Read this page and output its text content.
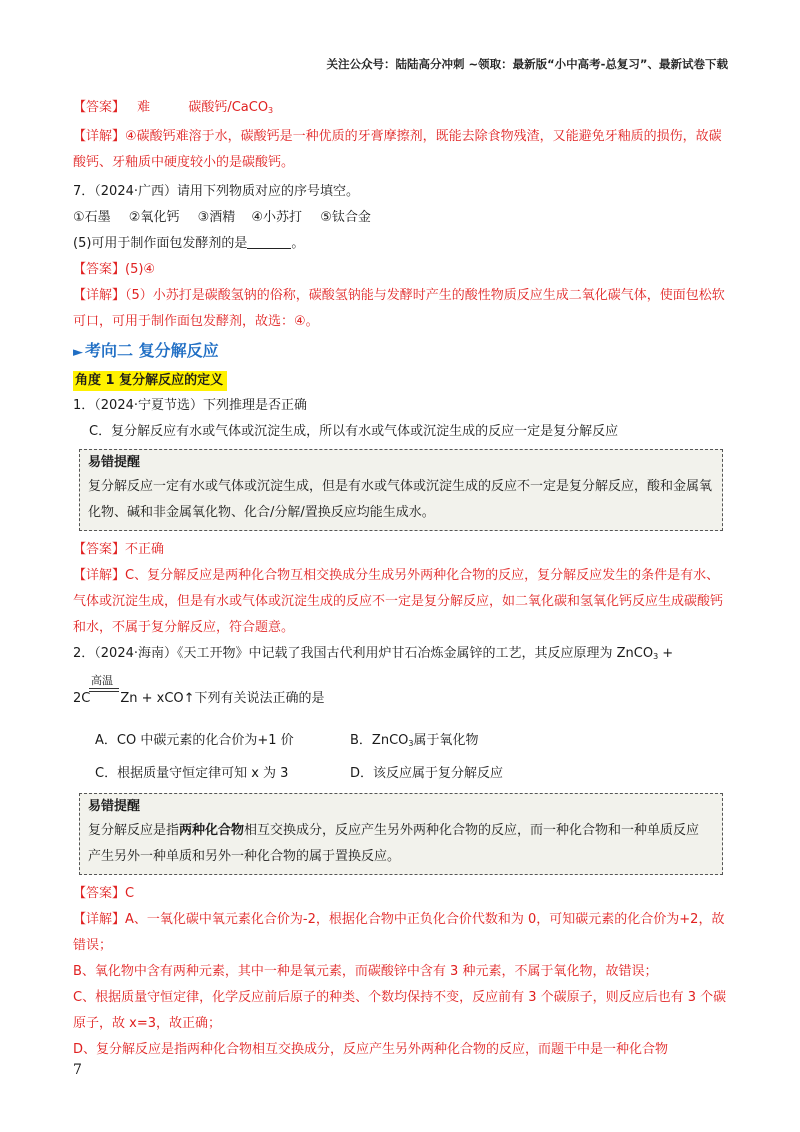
关注公众号：陆陆高分冲刺 ~领取：最新版“小中高考-总复习”、最新试卷下载
【答案】 难	碳酸钙/CaCO$_3$
【详解】④碳酸钙难溶于水，碳酸钙是一种优质的牙膏摩擦剂，既能去除食物残渣，又能避免牙釉质的损伤，故碳酸钙、牙釉质中硬度较小的是碳酸钙。
7．（2024·广西）请用下列物质对应的序号填空。
①石墨 ②氧化钙 ③酒精 ④小苏打 ⑤钛合金
(5)可用于制作面包发酵剂的是	。
【答案】(5)④
【详解】（5）小苏打是碳酸氢钠的俗称，碳酸氢钠能与发酵时产生的酸性物质反应生成二氧化碳气体，使面包松软可口，可用于制作面包发酵剂，故选：④。
► 考向二 复分解反应
角度 1 复分解反应的定义
1．（2024·宁夏节选）下列推理是否正确
C．复分解反应有水或气体或沉淀生成，所以有水或气体或沉淀生成的反应一定是复分解反应
易错提醒
复分解反应一定有水或气体或沉淀生成，但是有水或气体或沉淀生成的反应不一定是复分解反应，酸和金属氧化物、碱和非金属氧化物、化合/分解/置换反应均能生成水。
【答案】不正确
【详解】C、复分解反应是两种化合物互相交换成分生成另外两种化合物的反应，复分解反应发生的条件是有水、气体或沉淀生成，但是有水或气体或沉淀生成的反应不一定是复分解反应，如二氧化碳和氢氧化钙反应生成碳酸钙和水，不属于复分解反应，符合题意。
2．（2024·海南）《天工开物》中记载了我国古代利用炉甘石冶炼金属锌的工艺，其反应原理为 ZnCO$_3$ +
高温
2C Zn + xCO↑下列有关说法正确的是
A．CO 中碳元素的化合价为+1 价	B．ZnCO3属于氧化物
C．根据质量守恒定律可知 x 为 3	D．该反应属于复分解反应
易错提醒
复分解反应是指两种化合物相互交换成分，反应产生另外两种化合物的反应，而一种化合物和一种单质反应产生另外一种单质和另外一种化合物的属于置换反应。
【答案】C
【详解】A、一氧化碳中氧元素化合价为-2，根据化合物中正负化合价代数和为 0，可知碳元素的化合价为+2，故错误；
B、氧化物中含有两种元素，其中一种是氧元素，而碳酸锌中含有 3 种元素，不属于氧化物，故错误；
C、根据质量守恒定律，化学反应前后原子的种类、个数均保持不变，反应前有 3 个碳原子，则反应后也有 3 个碳原子，故 x=3，故正确；
D、复分解反应是指两种化合物相互交换成分，反应产生另外两种化合物的反应，而题干中是一种化合物
7
